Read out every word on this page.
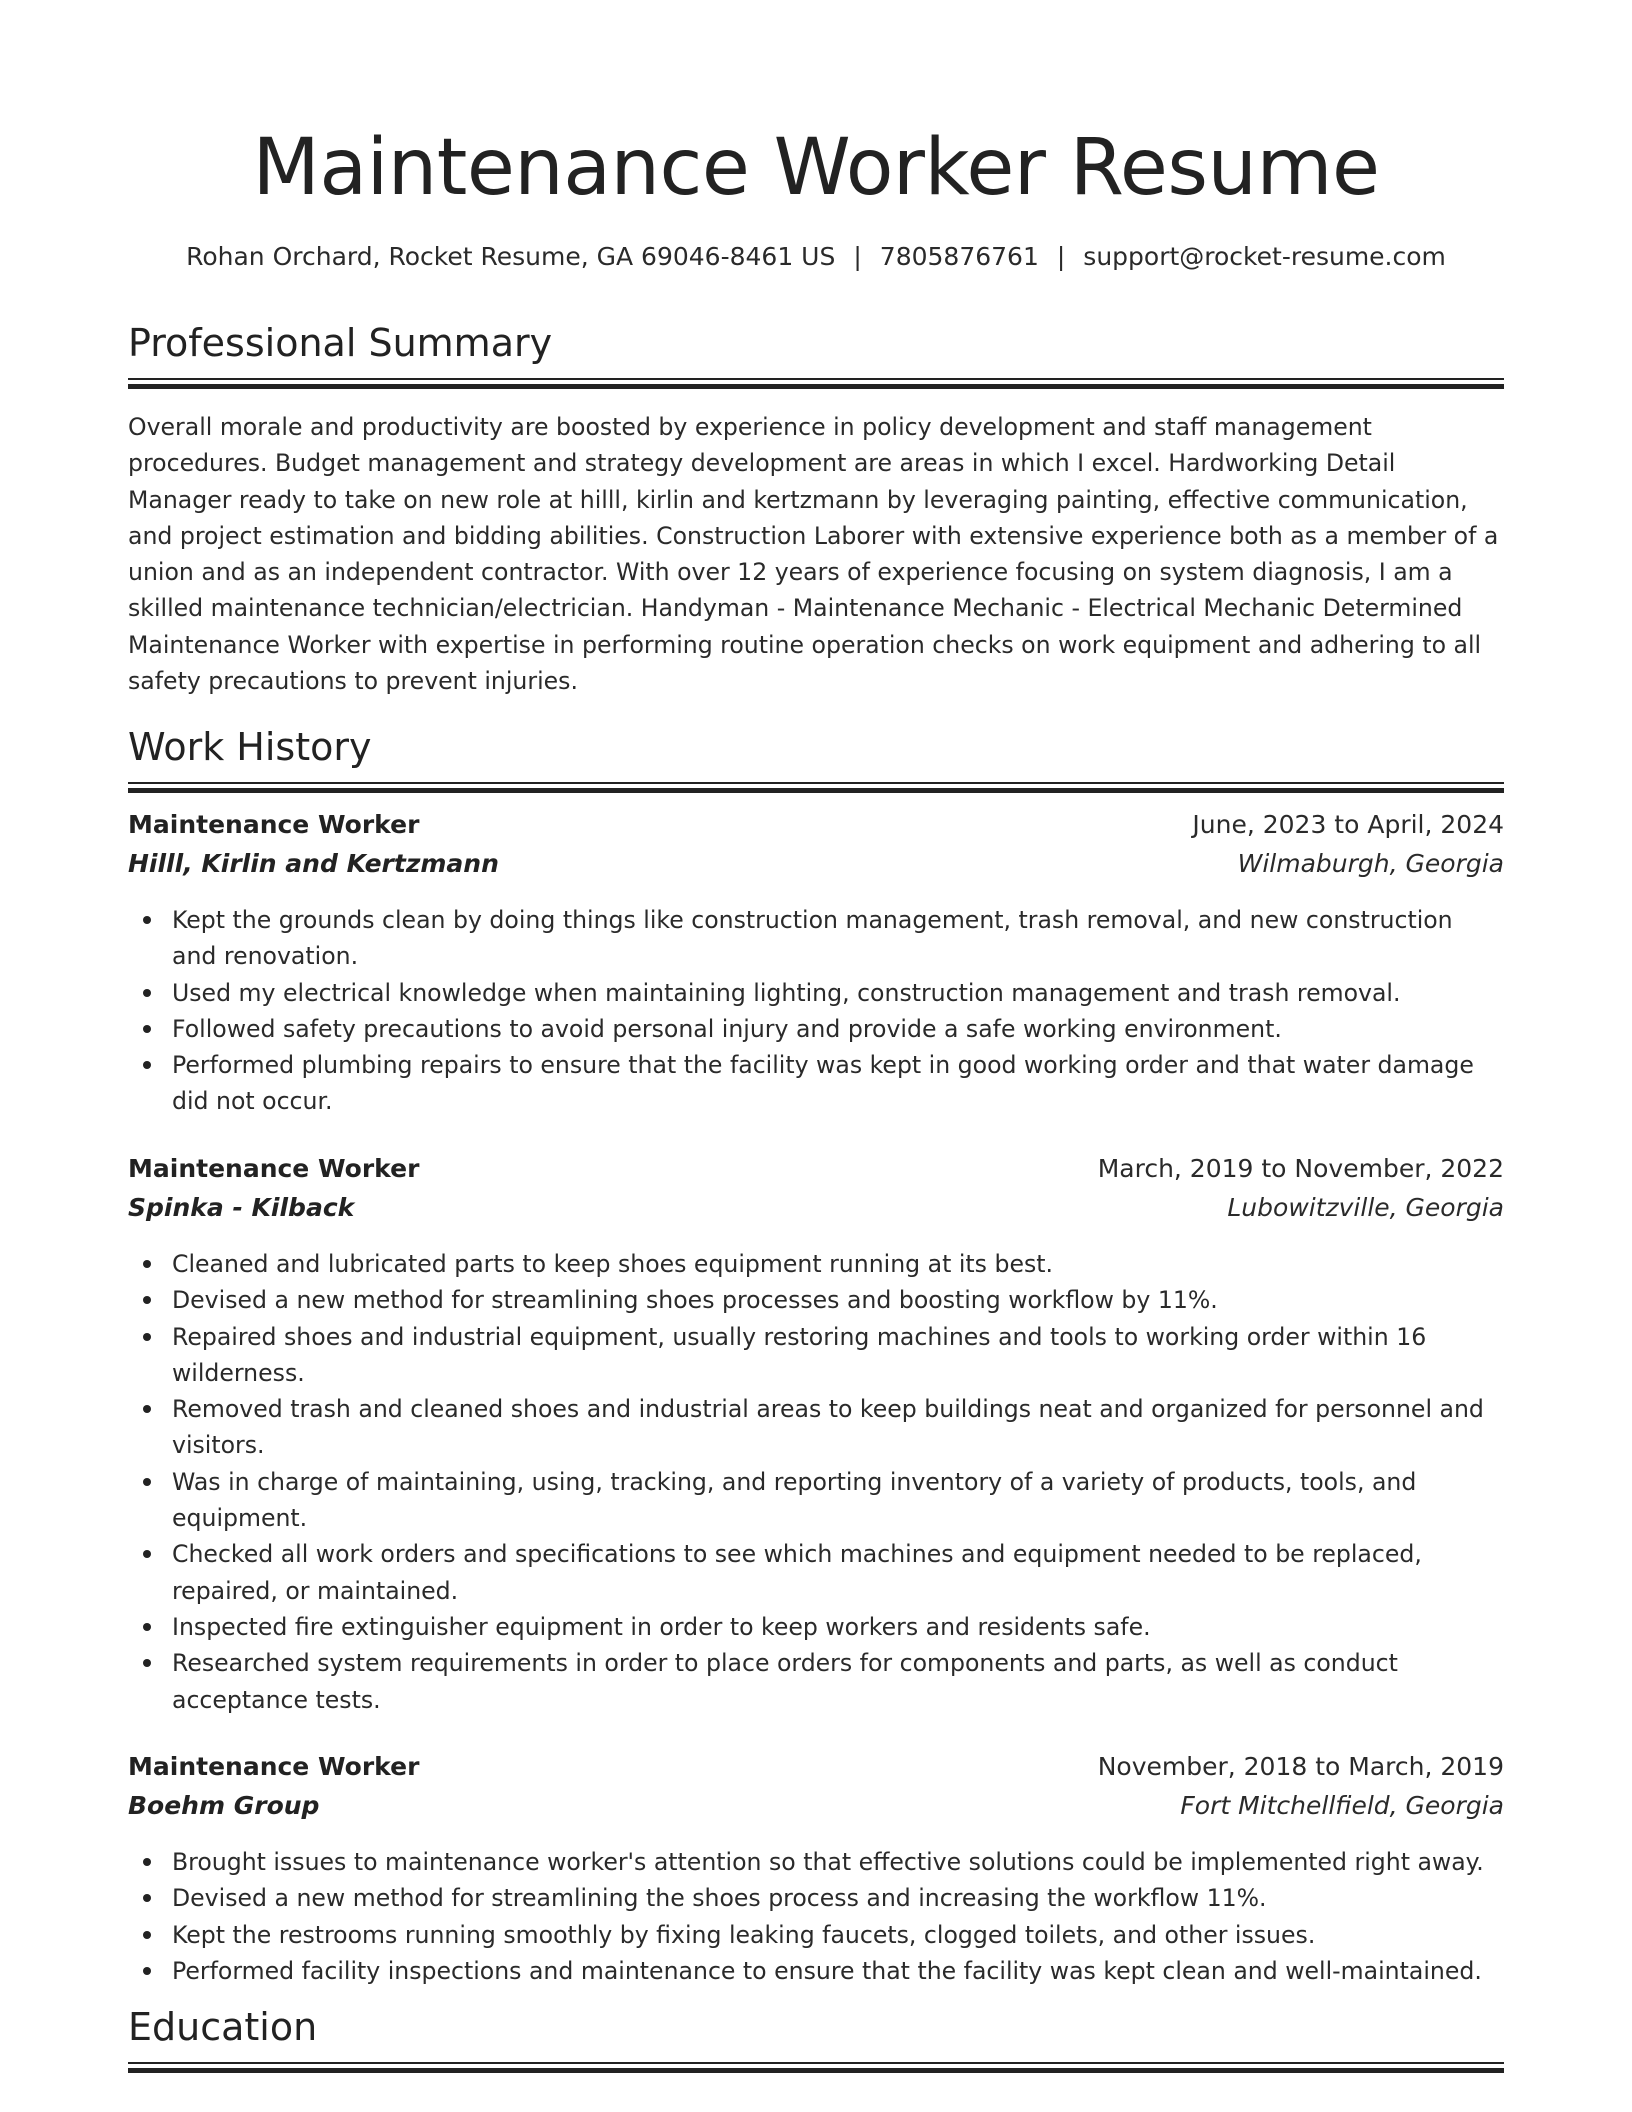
Maintenance Worker Resume
Rohan Orchard, Rocket Resume, GA 69046-8461 US | 7805876761 | support@rocket-resume.com
Professional Summary

Overall morale and productivity are boosted by experience in policy development and staff management procedures. Budget management and strategy development are areas in which I excel. Hardworking Detail Manager ready to take on new role at hilll, kirlin and kertzmann by leveraging painting, effective communication, and project estimation and bidding abilities. Construction Laborer with extensive experience both as a member of a union and as an independent contractor. With over 12 years of experience focusing on system diagnosis, I am a skilled maintenance technician/electrician. Handyman - Maintenance Mechanic - Electrical Mechanic Determined Maintenance Worker with expertise in performing routine operation checks on work equipment and adhering to all safety precautions to prevent injuries.

Work History
Maintenance Worker	June, 2023 to April, 2024
Hilll, Kirlin and Kertzmann	Wilmaburgh, Georgia
Kept the grounds clean by doing things like construction management, trash removal, and new construction and renovation.
Used my electrical knowledge when maintaining lighting, construction management and trash removal.
Followed safety precautions to avoid personal injury and provide a safe working environment.
Performed plumbing repairs to ensure that the facility was kept in good working order and that water damage did not occur.
Maintenance Worker	March, 2019 to November, 2022
Spinka - Kilback	Lubowitzville, Georgia
Cleaned and lubricated parts to keep shoes equipment running at its best.
Devised a new method for streamlining shoes processes and boosting workflow by 11%.
Repaired shoes and industrial equipment, usually restoring machines and tools to working order within 16 wilderness.
Removed trash and cleaned shoes and industrial areas to keep buildings neat and organized for personnel and visitors.
Was in charge of maintaining, using, tracking, and reporting inventory of a variety of products, tools, and equipment.
Checked all work orders and specifications to see which machines and equipment needed to be replaced, repaired, or maintained.
Inspected fire extinguisher equipment in order to keep workers and residents safe.
Researched system requirements in order to place orders for components and parts, as well as conduct acceptance tests.
Maintenance Worker	November, 2018 to March, 2019
Boehm Group	Fort Mitchellfield, Georgia
Brought issues to maintenance worker's attention so that effective solutions could be implemented right away.
Devised a new method for streamlining the shoes process and increasing the workflow 11%.
Kept the restrooms running smoothly by fixing leaking faucets, clogged toilets, and other issues.
Performed facility inspections and maintenance to ensure that the facility was kept clean and well-maintained.
Education
